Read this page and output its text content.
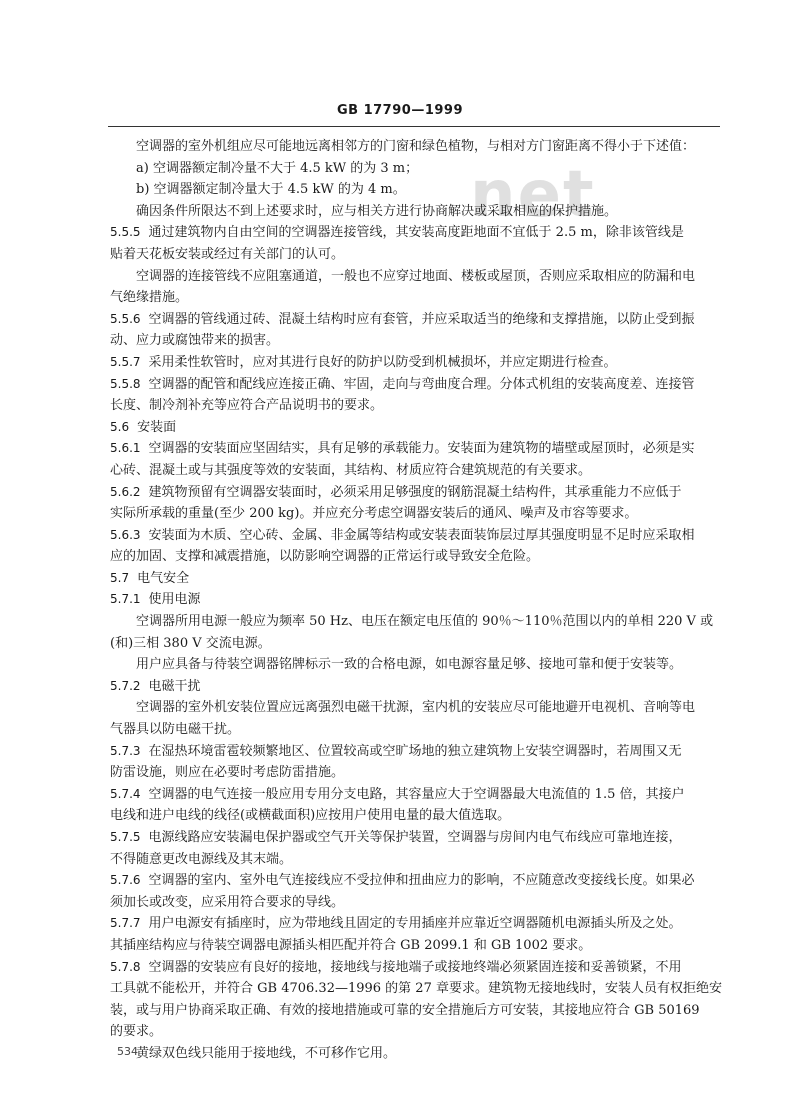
GB 17790—1999
net
空调器的室外机组应尽可能地远离相邻方的门窗和绿色植物，与相对方门窗距离不得小于下述值：
a) 空调器额定制冷量不大于 4.5 kW 的为 3 m；
b) 空调器额定制冷量大于 4.5 kW 的为 4 m。
确因条件所限达不到上述要求时，应与相关方进行协商解决或采取相应的保护措施。
5.5.5 通过建筑物内自由空间的空调器连接管线，其安装高度距地面不宜低于 2.5 m，除非该管线是
贴着天花板安装或经过有关部门的认可。
空调器的连接管线不应阻塞通道，一般也不应穿过地面、楼板或屋顶，否则应采取相应的防漏和电
气绝缘措施。
5.5.6 空调器的管线通过砖、混凝土结构时应有套管，并应采取适当的绝缘和支撑措施，以防止受到振
动、应力或腐蚀带来的损害。
5.5.7 采用柔性软管时，应对其进行良好的防护以防受到机械损坏，并应定期进行检查。
5.5.8 空调器的配管和配线应连接正确、牢固，走向与弯曲度合理。分体式机组的安装高度差、连接管
长度、制冷剂补充等应符合产品说明书的要求。
5.6 安装面
5.6.1 空调器的安装面应坚固结实，具有足够的承载能力。安装面为建筑物的墙壁或屋顶时，必须是实
心砖、混凝土或与其强度等效的安装面，其结构、材质应符合建筑规范的有关要求。
5.6.2 建筑物预留有空调器安装面时，必须采用足够强度的钢筋混凝土结构件，其承重能力不应低于
实际所承载的重量(至少 200 kg)。并应充分考虑空调器安装后的通风、噪声及市容等要求。
5.6.3 安装面为木质、空心砖、金属、非金属等结构或安装表面装饰层过厚其强度明显不足时应采取相
应的加固、支撑和减震措施，以防影响空调器的正常运行或导致安全危险。
5.7 电气安全
5.7.1 使用电源
空调器所用电源一般应为频率 50 Hz、电压在额定电压值的 90％～110％范围以内的单相 220 V 或
(和)三相 380 V 交流电源。
用户应具备与待装空调器铭牌标示一致的合格电源，如电源容量足够、接地可靠和便于安装等。
5.7.2 电磁干扰
空调器的室外机安装位置应远离强烈电磁干扰源，室内机的安装应尽可能地避开电视机、音响等电
气器具以防电磁干扰。
5.7.3 在湿热环境雷雹较频繁地区、位置较高或空旷场地的独立建筑物上安装空调器时，若周围又无
防雷设施，则应在必要时考虑防雷措施。
5.7.4 空调器的电气连接一般应用专用分支电路，其容量应大于空调器最大电流值的 1.5 倍，其接户
电线和进户电线的线径(或横截面积)应按用户使用电量的最大值选取。
5.7.5 电源线路应安装漏电保护器或空气开关等保护装置，空调器与房间内电气布线应可靠地连接，
不得随意更改电源线及其末端。
5.7.6 空调器的室内、室外电气连接线应不受拉伸和扭曲应力的影响，不应随意改变接线长度。如果必
须加长或改变，应采用符合要求的导线。
5.7.7 用户电源安有插座时，应为带地线且固定的专用插座并应靠近空调器随机电源插头所及之处。
其插座结构应与待装空调器电源插头相匹配并符合 GB 2099.1 和 GB 1002 要求。
5.7.8 空调器的安装应有良好的接地，接地线与接地端子或接地终端必须紧固连接和妥善锁紧，不用
工具就不能松开，并符合 GB 4706.32—1996 的第 27 章要求。建筑物无接地线时，安装人员有权拒绝安
装，或与用户协商采取正确、有效的接地措施或可靠的安全措施后方可安装，其接地应符合 GB 50169
的要求。
黄绿双色线只能用于接地线，不可移作它用。
534
